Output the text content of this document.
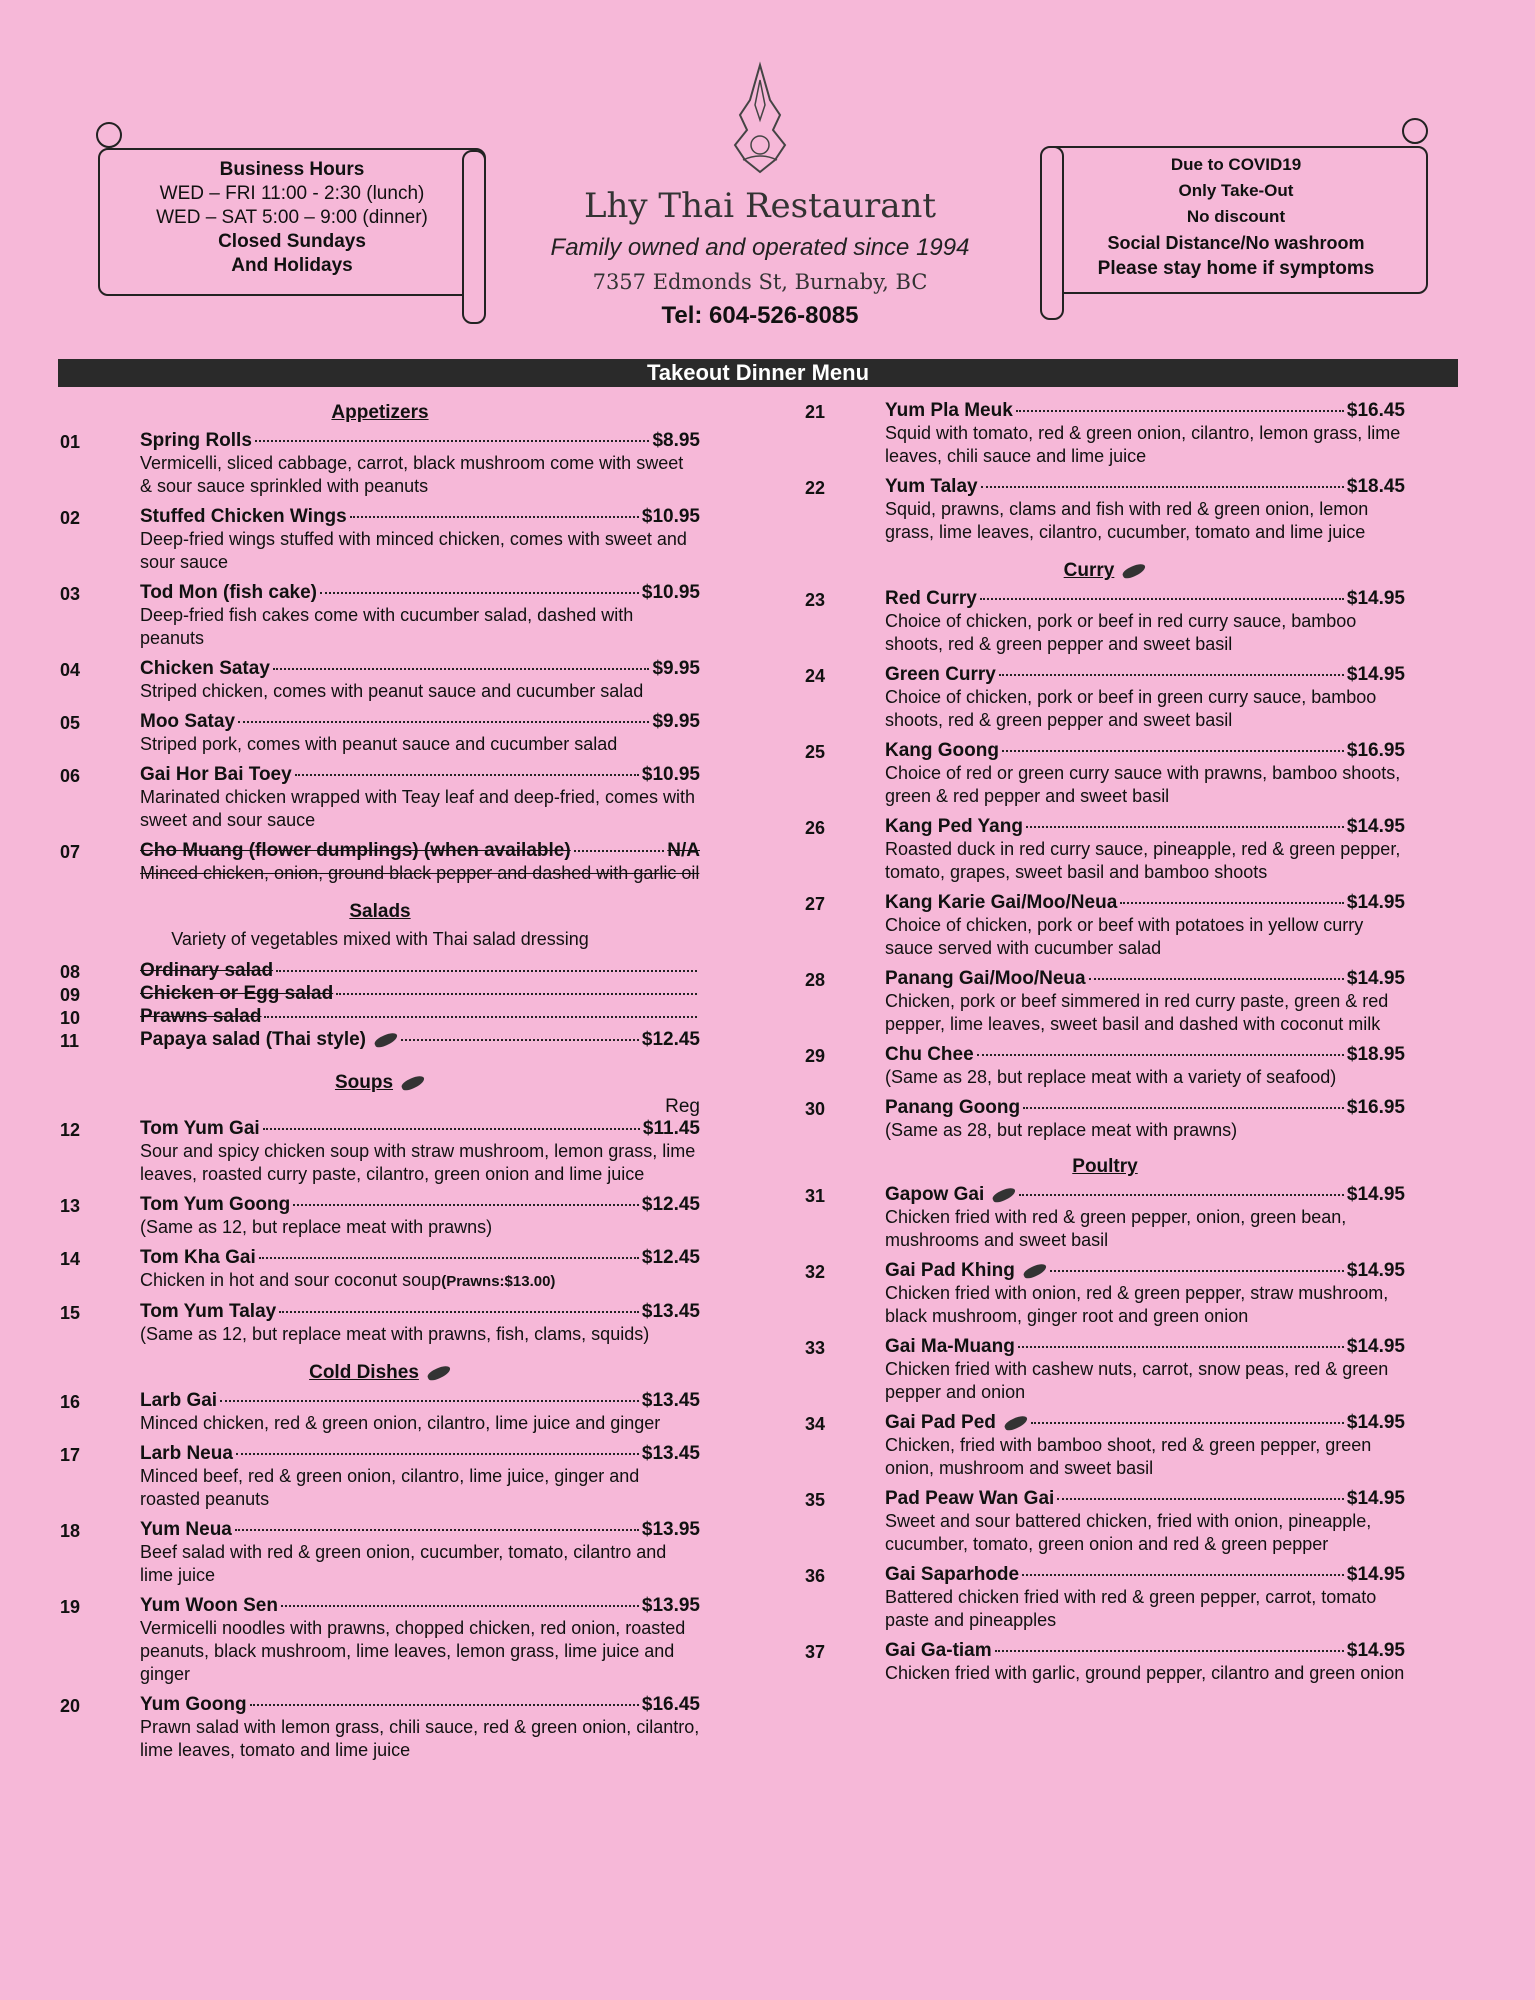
Business Hours
WED – FRI 11:00 - 2:30 (lunch)
WED – SAT 5:00 – 9:00 (dinner)
Closed Sundays
And Holidays
Lhy Thai Restaurant
Family owned and operated since 1994
7357 Edmonds St, Burnaby, BC
Tel: 604-526-8085
Due to COVID19
Only Take-Out
No discount
Social Distance/No washroom
Please stay home if symptoms
Takeout Dinner Menu
Appetizers
01	Spring Rolls	$8.95
Vermicelli, sliced cabbage, carrot, black mushroom come with sweet & sour sauce sprinkled with peanuts
02	Stuffed Chicken Wings	$10.95
Deep-fried wings stuffed with minced chicken, comes with sweet and sour sauce
03	Tod Mon (fish cake)	$10.95
Deep-fried fish cakes come with cucumber salad, dashed with peanuts
04	Chicken Satay	$9.95
Striped chicken, comes with peanut sauce and cucumber salad
05	Moo Satay	$9.95
Striped pork, comes with peanut sauce and cucumber salad
06	Gai Hor Bai Toey	$10.95
Marinated chicken wrapped with Teay leaf and deep-fried, comes with sweet and sour sauce
07	Cho Muang (flower dumplings) (when available)	N/A
Minced chicken, onion, ground black pepper and dashed with garlic oil
Salads
Variety of vegetables mixed with Thai salad dressing
08	Ordinary salad
09	Chicken or Egg salad
10	Prawns salad
11	Papaya salad (Thai style)	$12.45
Soups
Reg
12	Tom Yum Gai	$11.45
Sour and spicy chicken soup with straw mushroom, lemon grass, lime leaves, roasted curry paste, cilantro, green onion and lime juice
13	Tom Yum Goong	$12.45
(Same as 12, but replace meat with prawns)
14	Tom Kha Gai	$12.45
Chicken in hot and sour coconut soup(Prawns:$13.00)
15	Tom Yum Talay	$13.45
(Same as 12, but replace meat with prawns, fish, clams, squids)
Cold Dishes
16	Larb Gai	$13.45
Minced chicken, red & green onion, cilantro, lime juice and ginger
17	Larb Neua	$13.45
Minced beef, red & green onion, cilantro, lime juice, ginger and roasted peanuts
18	Yum Neua	$13.95
Beef salad with red & green onion, cucumber, tomato, cilantro and lime juice
19	Yum Woon Sen	$13.95
Vermicelli noodles with prawns, chopped chicken, red onion, roasted peanuts, black mushroom, lime leaves, lemon grass, lime juice and ginger
20	Yum Goong	$16.45
Prawn salad with lemon grass, chili sauce, red & green onion, cilantro, lime leaves, tomato and lime juice
21	Yum Pla Meuk	$16.45
Squid with tomato, red & green onion, cilantro, lemon grass, lime leaves, chili sauce and lime juice
22	Yum Talay	$18.45
Squid, prawns, clams and fish with red & green onion, lemon grass, lime leaves, cilantro, cucumber, tomato and lime juice
Curry
23	Red Curry	$14.95
Choice of chicken, pork or beef in red curry sauce, bamboo shoots, red & green pepper and sweet basil
24	Green Curry	$14.95
Choice of chicken, pork or beef in green curry sauce, bamboo shoots, red & green pepper and sweet basil
25	Kang Goong	$16.95
Choice of red or green curry sauce with prawns, bamboo shoots, green & red pepper and sweet basil
26	Kang Ped Yang	$14.95
Roasted duck in red curry sauce, pineapple, red & green pepper, tomato, grapes, sweet basil and bamboo shoots
27	Kang Karie Gai/Moo/Neua	$14.95
Choice of chicken, pork or beef with potatoes in yellow curry sauce served with cucumber salad
28	Panang Gai/Moo/Neua	$14.95
Chicken, pork or beef simmered in red curry paste, green & red pepper, lime leaves, sweet basil and dashed with coconut milk
29	Chu Chee	$18.95
(Same as 28, but replace meat with a variety of seafood)
30	Panang Goong	$16.95
(Same as 28, but replace meat with prawns)
Poultry
31	Gapow Gai	$14.95
Chicken fried with red & green pepper, onion, green bean, mushrooms and sweet basil
32	Gai Pad Khing	$14.95
Chicken fried with onion, red & green pepper, straw mushroom, black mushroom, ginger root and green onion
33	Gai Ma-Muang	$14.95
Chicken fried with cashew nuts, carrot, snow peas, red & green pepper and onion
34	Gai Pad Ped	$14.95
Chicken, fried with bamboo shoot, red & green pepper, green onion, mushroom and sweet basil
35	Pad Peaw Wan Gai	$14.95
Sweet and sour battered chicken, fried with onion, pineapple, cucumber, tomato, green onion and red & green pepper
36	Gai Saparhode	$14.95
Battered chicken fried with red & green pepper, carrot, tomato paste and pineapples
37	Gai Ga-tiam	$14.95
Chicken fried with garlic, ground pepper, cilantro and green onion
